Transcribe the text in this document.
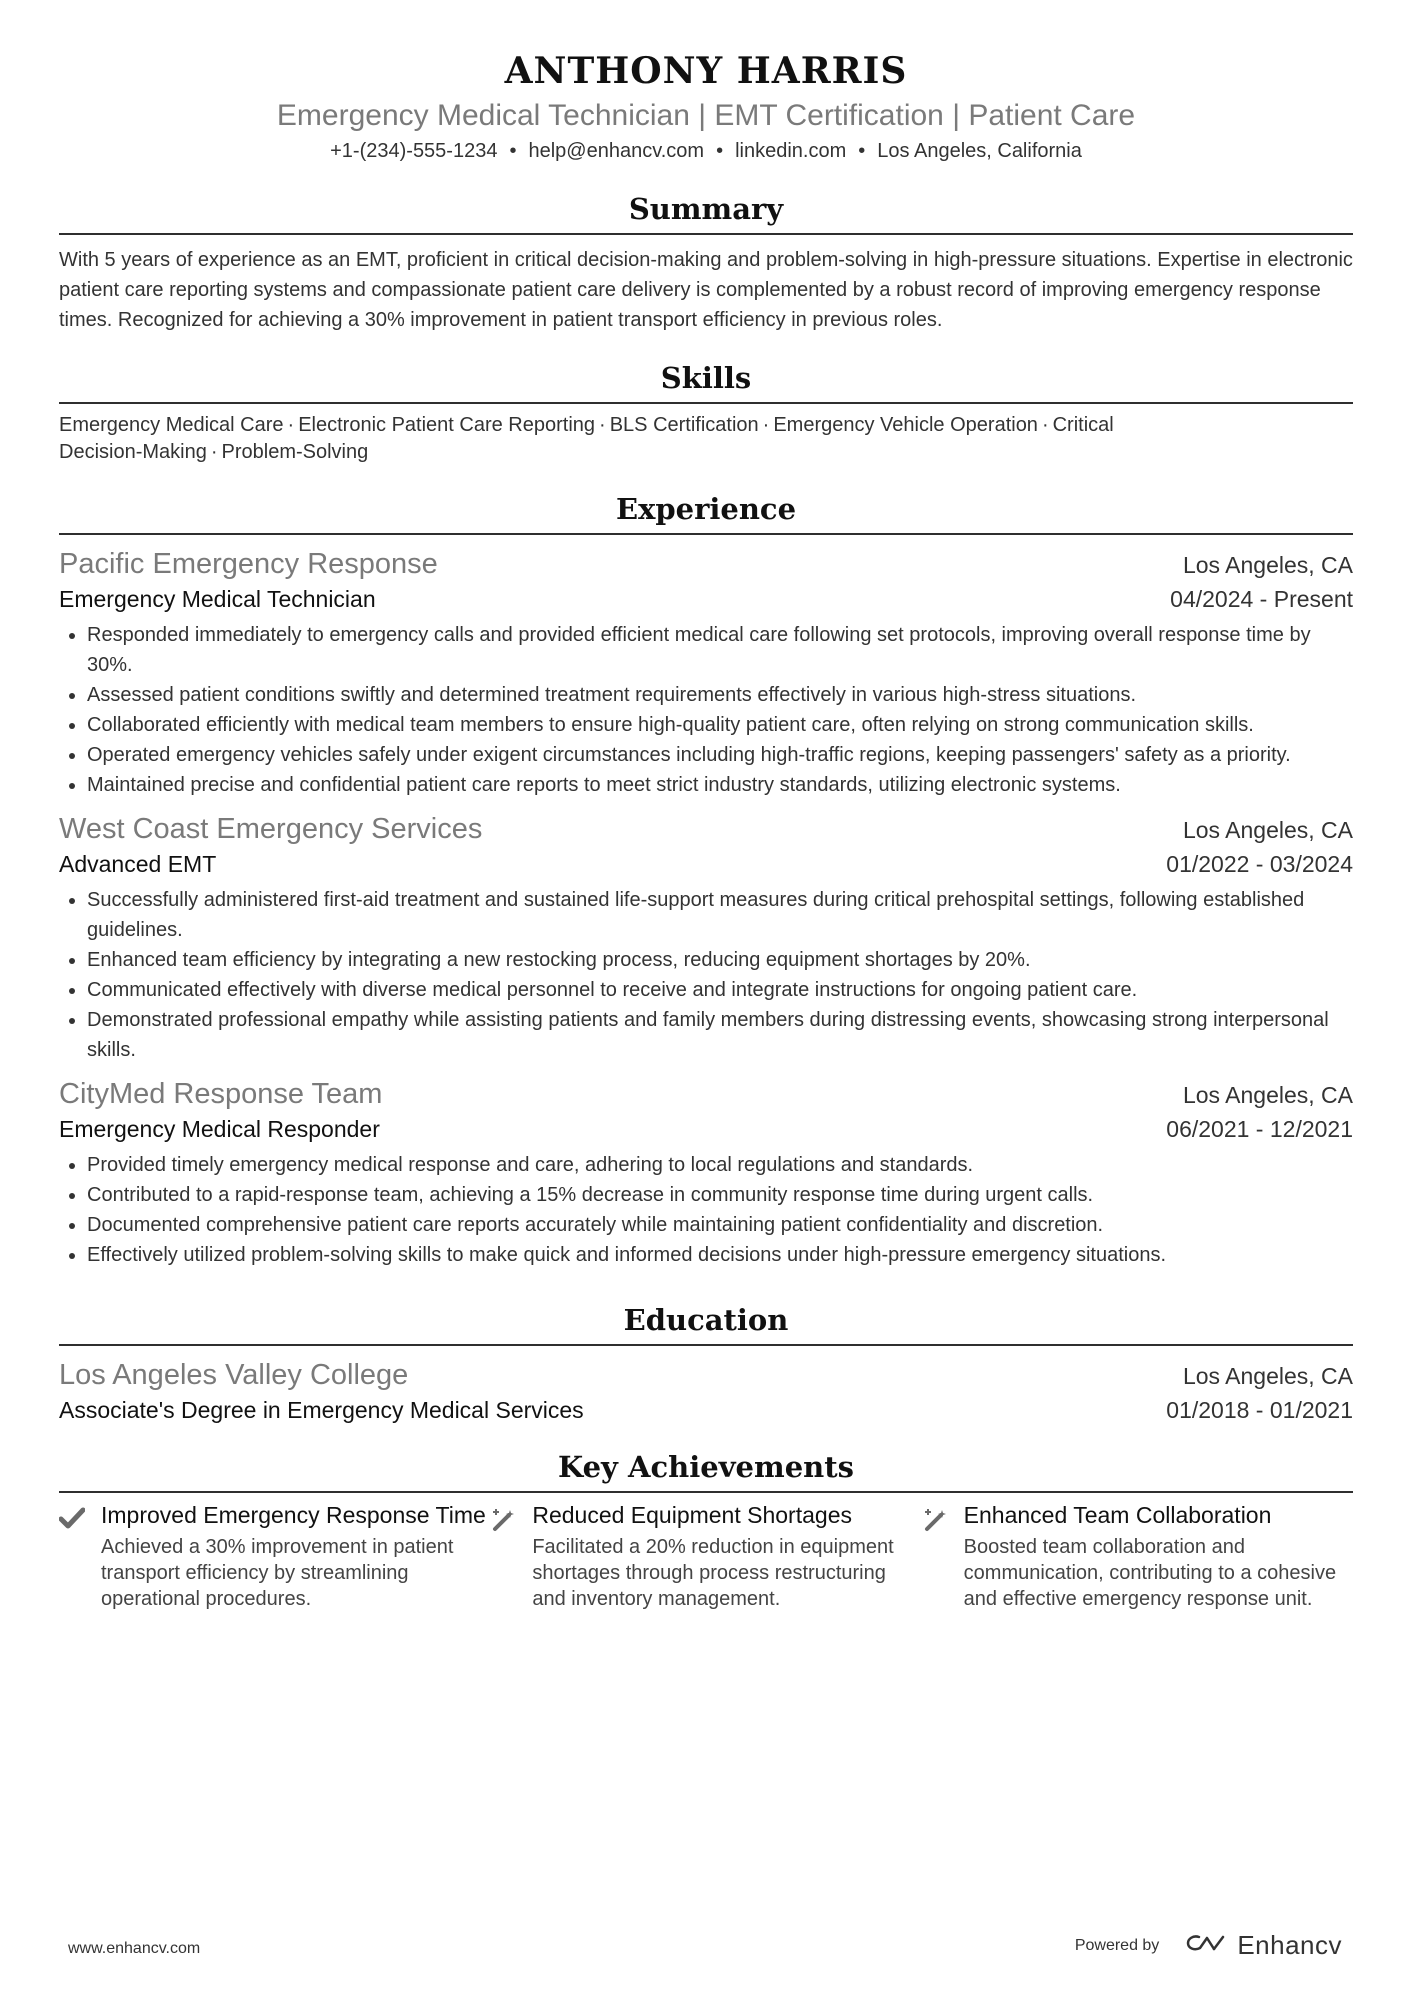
ANTHONY HARRIS
Emergency Medical Technician | EMT Certification | Patient Care
+1-(234)-555-1234 • help@enhancv.com • linkedin.com • Los Angeles, California
Summary
With 5 years of experience as an EMT, proficient in critical decision-making and problem-solving in high-pressure situations. Expertise in electronic patient care reporting systems and compassionate patient care delivery is complemented by a robust record of improving emergency response times. Recognized for achieving a 30% improvement in patient transport efficiency in previous roles.
Skills
Emergency Medical Care · Electronic Patient Care Reporting · BLS Certification · Emergency Vehicle Operation · Critical Decision-Making · Problem-Solving
Experience
Pacific Emergency Response	Los Angeles, CA
Emergency Medical Technician	04/2024 - Present
• Responded immediately to emergency calls and provided efficient medical care following set protocols, improving overall response time by 30%.
• Assessed patient conditions swiftly and determined treatment requirements effectively in various high-stress situations.
• Collaborated efficiently with medical team members to ensure high-quality patient care, often relying on strong communication skills.
• Operated emergency vehicles safely under exigent circumstances including high-traffic regions, keeping passengers' safety as a priority.
• Maintained precise and confidential patient care reports to meet strict industry standards, utilizing electronic systems.
West Coast Emergency Services	Los Angeles, CA
Advanced EMT	01/2022 - 03/2024
• Successfully administered first-aid treatment and sustained life-support measures during critical prehospital settings, following established guidelines.
• Enhanced team efficiency by integrating a new restocking process, reducing equipment shortages by 20%.
• Communicated effectively with diverse medical personnel to receive and integrate instructions for ongoing patient care.
• Demonstrated professional empathy while assisting patients and family members during distressing events, showcasing strong interpersonal skills.
CityMed Response Team	Los Angeles, CA
Emergency Medical Responder	06/2021 - 12/2021
• Provided timely emergency medical response and care, adhering to local regulations and standards.
• Contributed to a rapid-response team, achieving a 15% decrease in community response time during urgent calls.
• Documented comprehensive patient care reports accurately while maintaining patient confidentiality and discretion.
• Effectively utilized problem-solving skills to make quick and informed decisions under high-pressure emergency situations.
Education
Los Angeles Valley College	Los Angeles, CA
Associate's Degree in Emergency Medical Services	01/2018 - 01/2021
Key Achievements
Improved Emergency Response Time
Achieved a 30% improvement in patient transport efficiency by streamlining operational procedures.
Reduced Equipment Shortages
Facilitated a 20% reduction in equipment shortages through process restructuring and inventory management.
Enhanced Team Collaboration
Boosted team collaboration and communication, contributing to a cohesive and effective emergency response unit.
www.enhancv.com	Powered by	Enhancv
